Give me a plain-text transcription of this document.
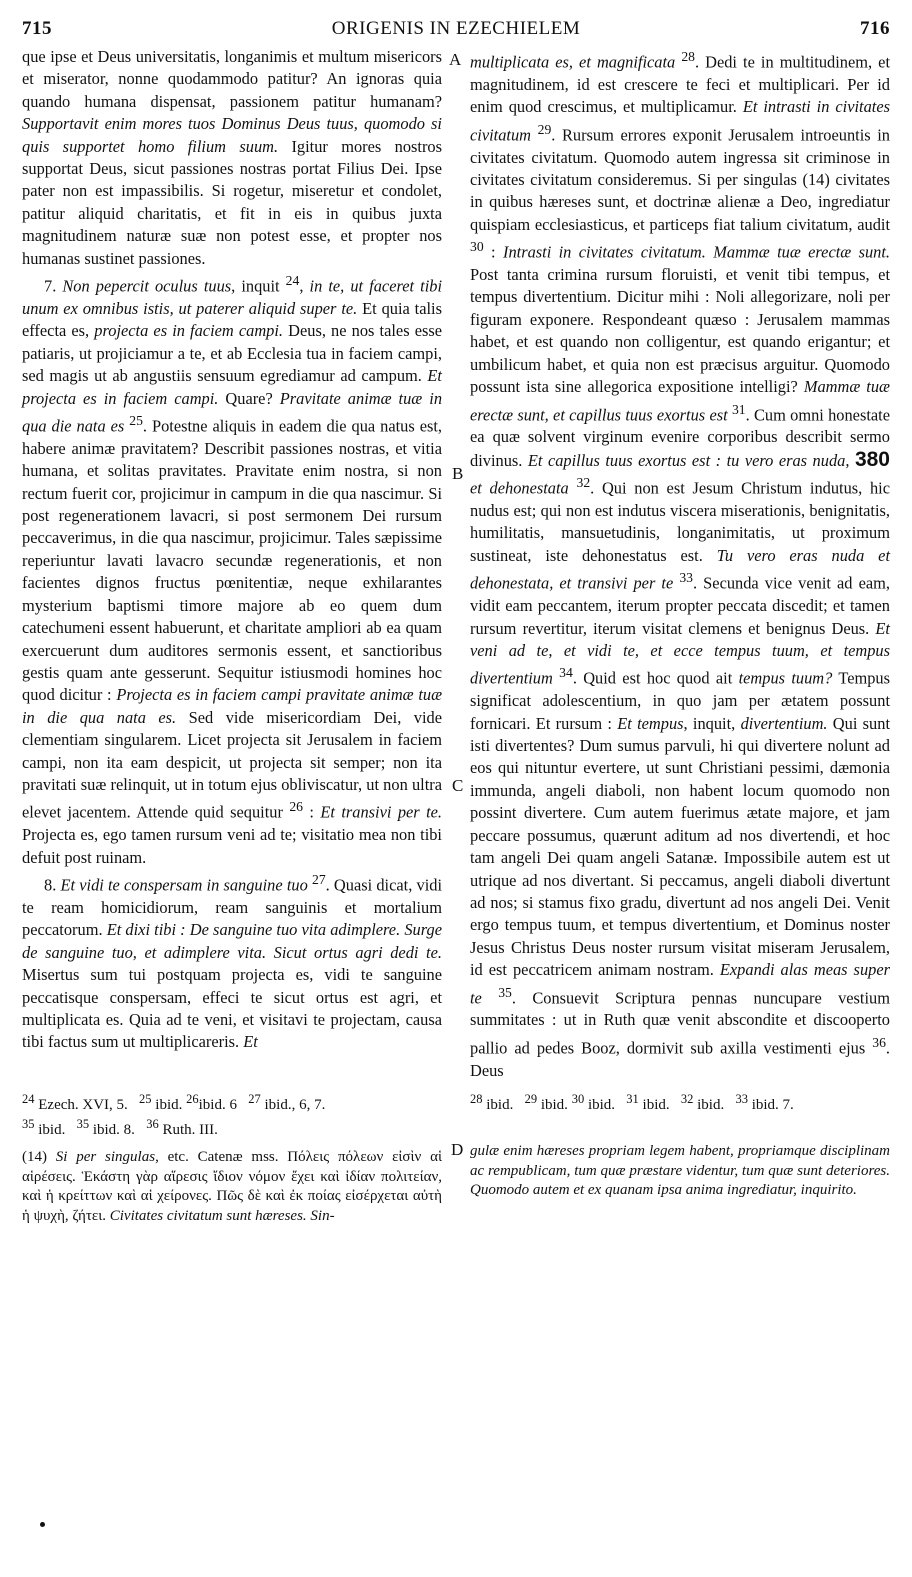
715	ORIGENIS IN EZECHIELEM	716

que ipse et Deus universitatis, longanimis et multum misericors et miserator, nonne quodammodo patitur? An ignoras quia quando humana dispensat, passionem patitur humanam? Supportavit enim mores tuos Dominus Deus tuus, quomodo si quis supportet homo filium suum. Igitur mores nostros supportat Deus, sicut passiones nostras portat Filius Dei. Ipse pater non est impassibilis. Si rogetur, miseretur et condolet, patitur aliquid charitatis, et fit in eis in quibus juxta magnitudinem naturæ suæ non potest esse, et propter nos humanas sustinet passiones.

7. Non pepercit oculus tuus, inquit $^{24}$, in te, ut faceret tibi unum ex omnibus istis, ut paterer aliquid super te. Et quia talis effecta es, projecta es in faciem campi. Deus, ne nos tales esse patiaris, ut projiciamur a te, et ab Ecclesia tua in faciem campi, sed magis ut ab angustiis sensuum egrediamur ad campum. Et projecta es in faciem campi. Quare? Pravitate animæ tuæ in qua die nata es $^{25}$. Potestne aliquis in eadem die qua natus est, habere animæ pravitatem? Describit passiones nostras, et vitia humana, et solitas pravitates. Pravitate enim nostra, si non rectum fuerit cor, projicimur in campum in die qua nascimur. Si post regenerationem lavacri, si post sermonem Dei rursum peccaverimus, in die qua nascimur, projicimur. Tales sæpissime reperiuntur lavati lavacro secundæ regenerationis, et non facientes dignos fructus pœnitentiæ, neque exhilarantes mysterium baptismi timore majore ab eo quem dum catechumeni essent habuerunt, et charitate ampliori ab ea quam exercuerunt dum auditores sermonis essent, et sanctioribus gestis quam ante gesserunt. Sequitur istiusmodi homines hoc quod dicitur : Projecta es in faciem campi pravitate animæ tuæ in die qua nata es. Sed vide misericordiam Dei, vide clementiam singularem. Licet projecta sit Jerusalem in faciem campi, non ita eam despicit, ut projecta sit semper; non ita pravitati suæ relinquit, ut in totum ejus obliviscatur, ut non ultra elevet jacentem. Attende quid sequitur $^{26}$ : Et transivi per te. Projecta es, ego tamen rursum veni ad te; visitatio mea non tibi defuit post ruinam.

8. Et vidi te conspersam in sanguine tuo $^{27}$. Quasi dicat, vidi te ream homicidiorum, ream sanguinis et mortalium peccatorum. Et dixi tibi : De sanguine tuo vita adimplere. Surge de sanguine tuo, et adimplere vita. Sicut ortus agri dedi te. Misertus sum tui postquam projecta es, vidi te sanguine peccatisque conspersam, effeci te sicut ortus est agri, et multiplicata es. Quia ad te veni, et visitavi te projectam, causa tibi factus sum ut multiplicareris. Et

multiplicata es, et magnificata $^{28}$. Dedi te in multitudinem, et magnitudinem, id est crescere te feci et multiplicari. Per id enim quod crescimus, et multiplicamur. Et intrasti in civitates civitatum $^{29}$. Rursum errores exponit Jerusalem introeuntis in civitates civitatum. Quomodo autem ingressa sit criminose in civitates civitatum consideremus. Si per singulas (14) civitates in quibus hæreses sunt, et doctrinæ alienæ a Deo, ingrediatur quispiam ecclesiasticus, et particeps fiat talium civitatum, audit $^{30}$ : Intrasti in civitates civitatum. Mammæ tuæ erectæ sunt. Post tanta crimina rursum floruisti, et venit tibi tempus, et tempus divertentium. Dicitur mihi : Noli allegorizare, noli per figuram exponere. Respondeant quæso : Jerusalem mammas habet, et est quando non colligentur, est quando erigantur; et umbilicum habet, et quia non est præcisus arguitur. Quomodo possunt ista sine allegorica expositione intelligi? Mammæ tuæ erectæ sunt, et capillus tuus exortus est $^{31}$. Cum omni honestate ea quæ solvent virginum evenire corporibus describit sermo divinus. Et capillus tuus exortus est : tu vero eras nuda, 380 et dehonestata $^{32}$. Qui non est Jesum Christum indutus, hic nudus est; qui non est indutus viscera miserationis, benignitatis, humilitatis, mansuetudinis, longanimitatis, ut proximum sustineat, iste dehonestatus est. Tu vero eras nuda et dehonestata, et transivi per te $^{33}$. Secunda vice venit ad eam, vidit eam peccantem, iterum propter peccata discedit; et tamen rursum revertitur, iterum visitat clemens et benignus Deus. Et veni ad te, et vidi te, et ecce tempus tuum, et tempus divertentium $^{34}$. Quid est hoc quod ait tempus tuum? Tempus significat adolescentium, in quo jam per ætatem possunt fornicari. Et rursum : Et tempus, inquit, divertentium. Qui sunt isti divertentes? Dum sumus parvuli, hi qui divertere nolunt ad eos qui nituntur evertere, ut sunt Christiani pessimi, dæmonia immunda, angeli diaboli, non habent locum quomodo non possint divertere. Cum autem fuerimus ætate majore, et jam peccare possumus, quærunt aditum ad nos divertendi, et hoc tam angeli Dei quam angeli Satanæ. Impossibile autem est ut utrique ad nos divertant. Si peccamus, angeli diaboli divertunt ad nos; si stamus fixo gradu, divertunt ad nos angeli Dei. Venit ergo tempus tuum, et tempus divertentium, et Dominus noster Jesus Christus Deus noster rursum visitat miseram Jerusalem, id est peccatricem animam nostram. Expandi alas meas super te $^{35}$. Consuevit Scriptura pennas nuncupare vestium summitates : ut in Ruth quæ venit abscondite et discooperto pallio ad pedes Booz, dormivit sub axilla vestimenti ejus $^{36}$. Deus

A
B
C
D

$^{24}$ Ezech. XVI, 5.   $^{25}$ ibid. $^{26}$ibid. 6   $^{27}$ ibid., 6, 7.

$^{35}$ ibid.   $^{35}$ ibid. 8.   $^{36}$ Ruth. III.

(14) Si per singulas, etc. Catenæ mss. Πόλεις πόλεων εἰσὶν αἱ αἱρέσεις. Ἑκάστη γὰρ αἵρεσις ἴδιον νόμον ἔχει καὶ ἰδίαν πολιτείαν, καὶ ἡ κρείττων καὶ αἱ χείρονες. Πῶς δὲ καὶ ἐκ ποίας εἰσέρχεται αὐτὴ ἡ ψυχὴ, ζήτει. Civitates civitatum sunt hæreses. Sin-

$^{28}$ ibid.   $^{29}$ ibid. $^{30}$ ibid.   $^{31}$ ibid.   $^{32}$ ibid.   $^{33}$ ibid. 7.

gulæ enim hæreses propriam legem habent, propriamque disciplinam ac rempublicam, tum quæ præstare videntur, tum quæ sunt deteriores. Quomodo autem et ex quanam ipsa anima ingrediatur, inquirito.
